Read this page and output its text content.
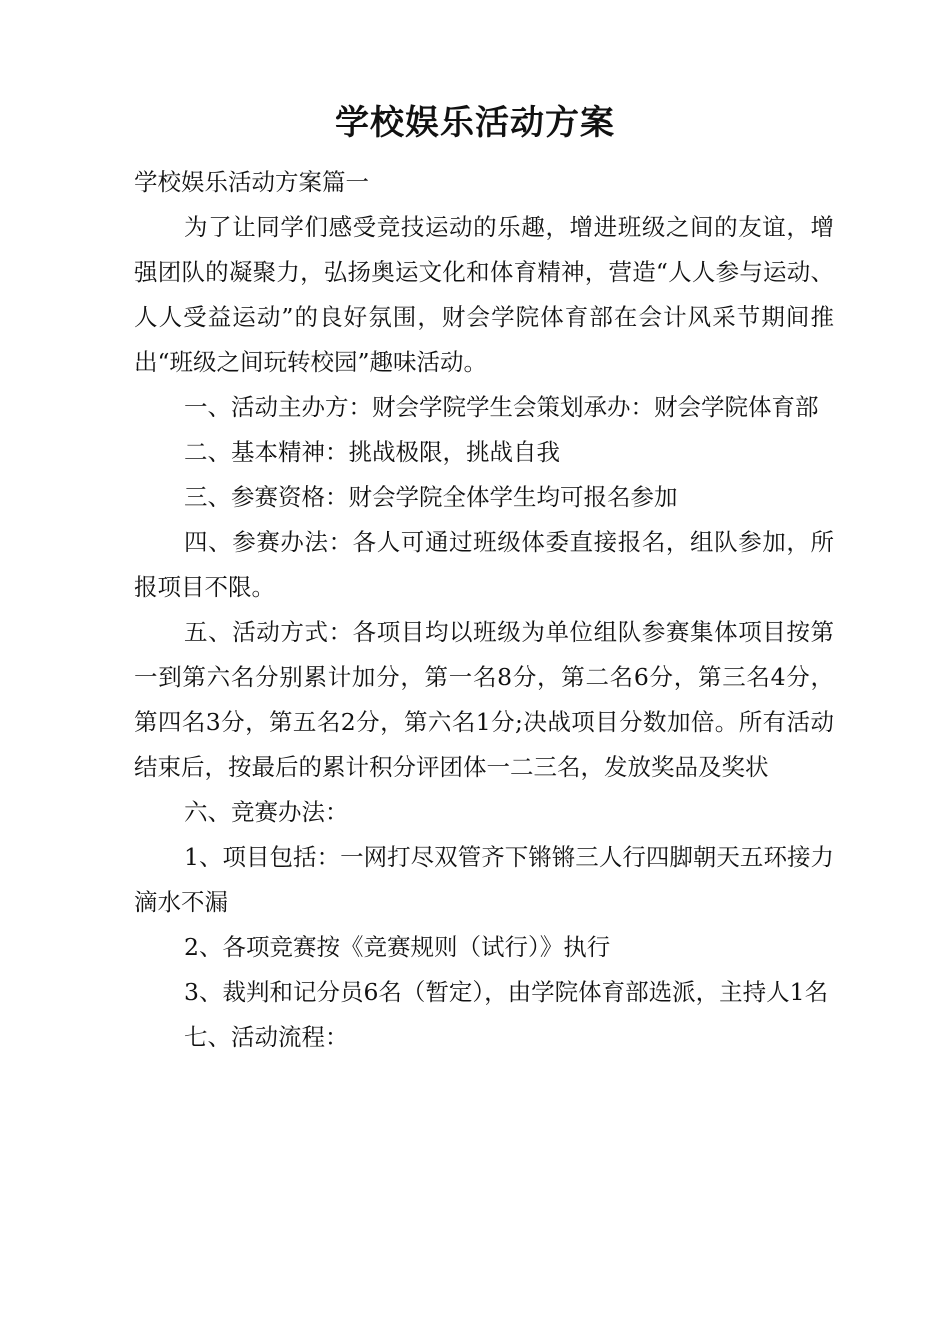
学校娱乐活动方案

学校娱乐活动方案篇一

为了让同学们感受竞技运动的乐趣，增进班级之间的友谊，增强团队的凝聚力，弘扬奥运文化和体育精神，营造“人人参与运动、人人受益运动”的良好氛围，财会学院体育部在会计风采节期间推出“班级之间玩转校园”趣味活动。

一、活动主办方：财会学院学生会策划承办：财会学院体育部

二、基本精神：挑战极限，挑战自我

三、参赛资格：财会学院全体学生均可报名参加

四、参赛办法：各人可通过班级体委直接报名，组队参加，所报项目不限。

五、活动方式：各项目均以班级为单位组队参赛集体项目按第一到第六名分别累计加分，第一名8分，第二名6分，第三名4分，第四名3分，第五名2分，第六名1分;决战项目分数加倍。所有活动结束后，按最后的累计积分评团体一二三名，发放奖品及奖状

六、竞赛办法：

1、项目包括：一网打尽双管齐下锵锵三人行四脚朝天五环接力滴水不漏

2、各项竞赛按《竞赛规则（试行）》执行

3、裁判和记分员6名（暂定），由学院体育部选派，主持人1名

七、活动流程：
